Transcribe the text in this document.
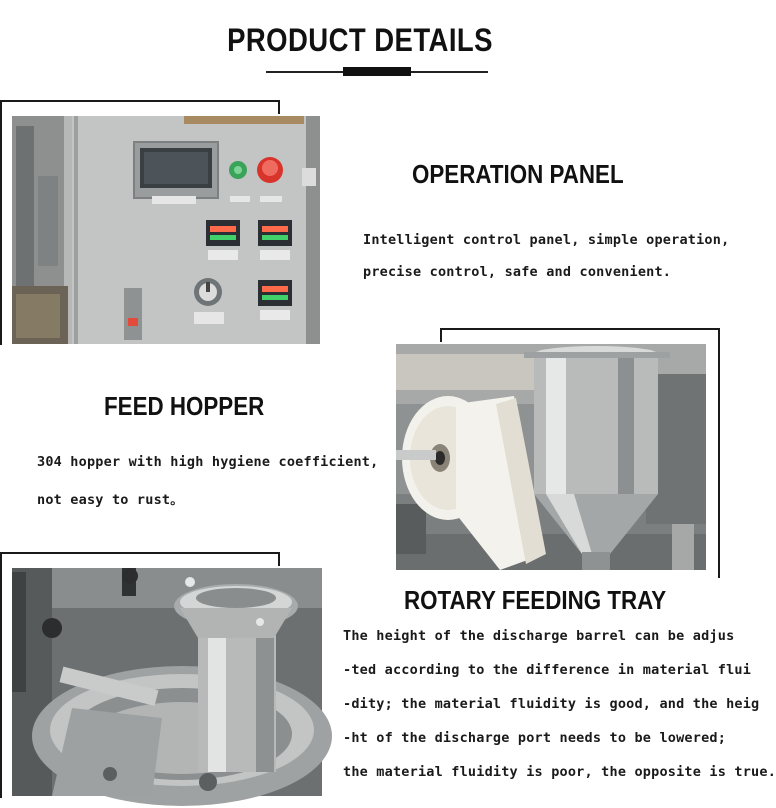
PRODUCT DETAILS
OPERATION PANEL
Intelligent control panel, simple operation,
precise control, safe and convenient.
FEED HOPPER
304 hopper with high hygiene coefficient,
not easy to rust。
ROTARY FEEDING TRAY
The height of the discharge barrel can be adjus
-ted according to the difference in material flui
-dity; the material fluidity is good, and the heig
-ht of the discharge port needs to be lowered;
the material fluidity is poor, the opposite is true.
